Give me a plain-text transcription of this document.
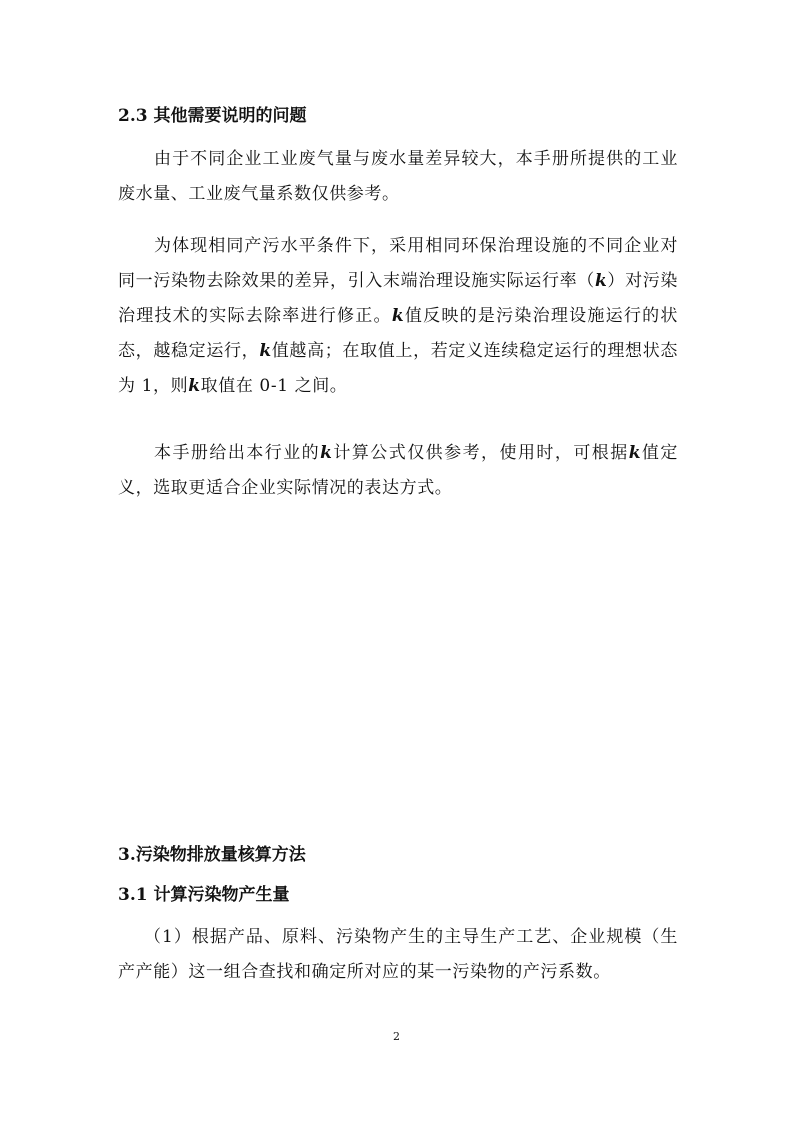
2.3 其他需要说明的问题

由于不同企业工业废气量与废水量差异较大，本手册所提供的工业废水量、工业废气量系数仅供参考。

为体现相同产污水平条件下，采用相同环保治理设施的不同企业对同一污染物去除效果的差异，引入末端治理设施实际运行率（k）对污染治理技术的实际去除率进行修正。k值反映的是污染治理设施运行的状态，越稳定运行，k值越高；在取值上，若定义连续稳定运行的理想状态为 1，则k取值在 0-1 之间。

本手册给出本行业的k计算公式仅供参考，使用时，可根据k值定义，选取更适合企业实际情况的表达方式。

3.污染物排放量核算方法
3.1 计算污染物产生量

（1）根据产品、原料、污染物产生的主导生产工艺、企业规模（生产产能）这一组合查找和确定所对应的某一污染物的产污系数。

2
